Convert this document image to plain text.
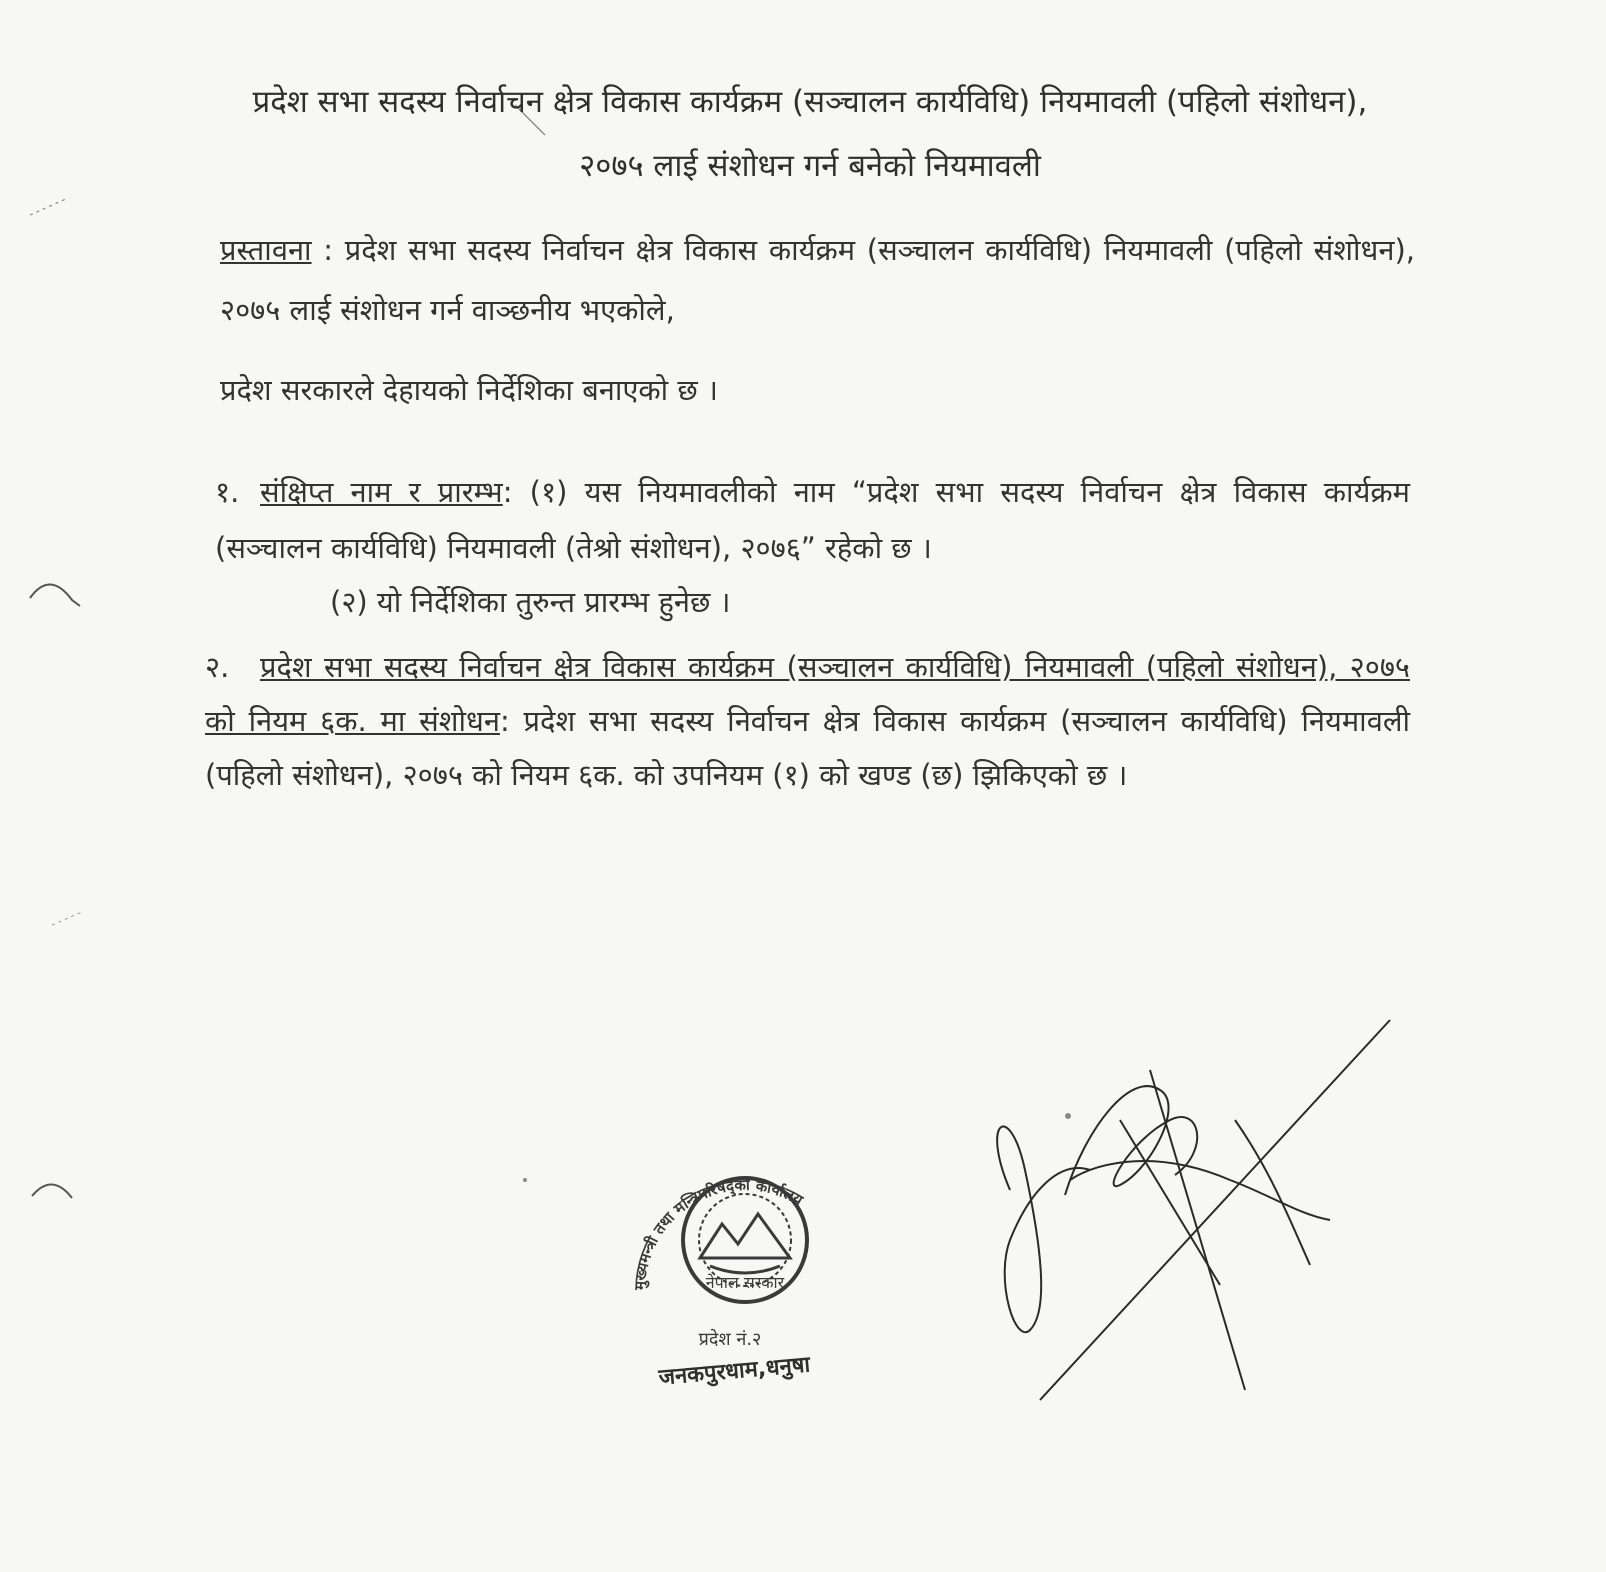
प्रदेश सभा सदस्य निर्वाचन क्षेत्र विकास कार्यक्रम (सञ्चालन कार्यविधि) नियमावली (पहिलो संशोधन),
२०७५ लाई संशोधन गर्न बनेको नियमावली
प्रस्तावना : प्रदेश सभा सदस्य निर्वाचन क्षेत्र विकास कार्यक्रम (सञ्चालन कार्यविधि) नियमावली (पहिलो संशोधन), २०७५ लाई संशोधन गर्न वाञ्छनीय भएकोले,
प्रदेश सरकारले देहायको निर्देशिका बनाएको छ ।
१. संक्षिप्त नाम र प्रारम्भ: (१) यस नियमावलीको नाम “प्रदेश सभा सदस्य निर्वाचन क्षेत्र विकास कार्यक्रम (सञ्चालन कार्यविधि) नियमावली (तेश्रो संशोधन), २०७६” रहेको छ ।
(२) यो निर्देशिका तुरुन्त प्रारम्भ हुनेछ ।
२. प्रदेश सभा सदस्य निर्वाचन क्षेत्र विकास कार्यक्रम (सञ्चालन कार्यविधि) नियमावली (पहिलो संशोधन), २०७५ को नियम ६क. मा संशोधन: प्रदेश सभा सदस्य निर्वाचन क्षेत्र विकास कार्यक्रम (सञ्चालन कार्यविधि) नियमावली (पहिलो संशोधन), २०७५ को नियम ६क. को उपनियम (१) को खण्ड (छ) झिकिएको छ ।
मुख्यमन्त्री तथा मन्त्रिपरिषद्‌को कार्यालय
नेपाल सरकार
प्रदेश नं.२
जनकपुरधाम,धनुषा
